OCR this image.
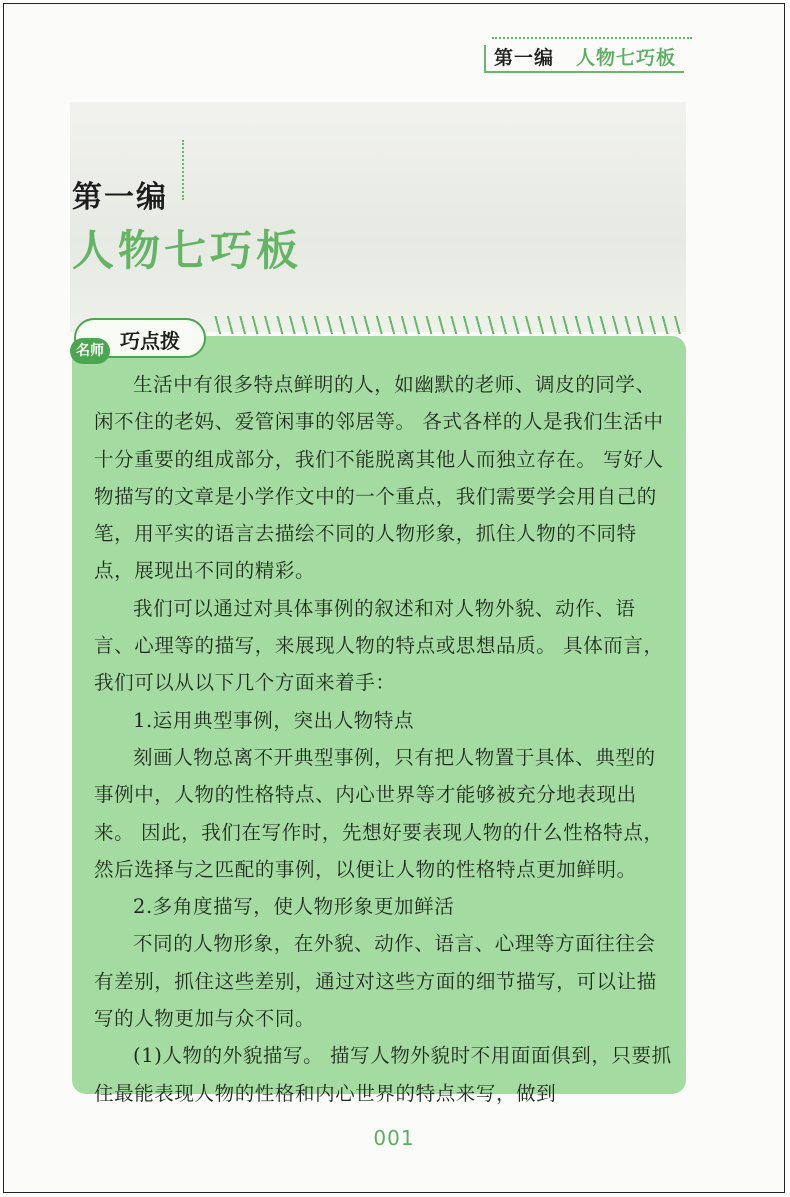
第一编 人物七巧板
第一编
人物七巧板
名师 巧点拨

生活中有很多特点鲜明的人，如幽默的老师、调皮的同学、闲不住的老妈、爱管闲事的邻居等。 各式各样的人是我们生活中十分重要的组成部分，我们不能脱离其他人而独立存在。 写好人物描写的文章是小学作文中的一个重点，我们需要学会用自己的笔，用平实的语言去描绘不同的人物形象，抓住人物的不同特点，展现出不同的精彩。

我们可以通过对具体事例的叙述和对人物外貌、动作、语言、心理等的描写，来展现人物的特点或思想品质。 具体而言，我们可以从以下几个方面来着手：

1.运用典型事例，突出人物特点

刻画人物总离不开典型事例，只有把人物置于具体、典型的事例中，人物的性格特点、内心世界等才能够被充分地表现出来。 因此，我们在写作时，先想好要表现人物的什么性格特点，然后选择与之匹配的事例，以便让人物的性格特点更加鲜明。

2.多角度描写，使人物形象更加鲜活

不同的人物形象，在外貌、动作、语言、心理等方面往往会有差别，抓住这些差别，通过对这些方面的细节描写，可以让描写的人物更加与众不同。

(1)人物的外貌描写。 描写人物外貌时不用面面俱到，只要抓住最能表现人物的性格和内心世界的特点来写，做到

001
